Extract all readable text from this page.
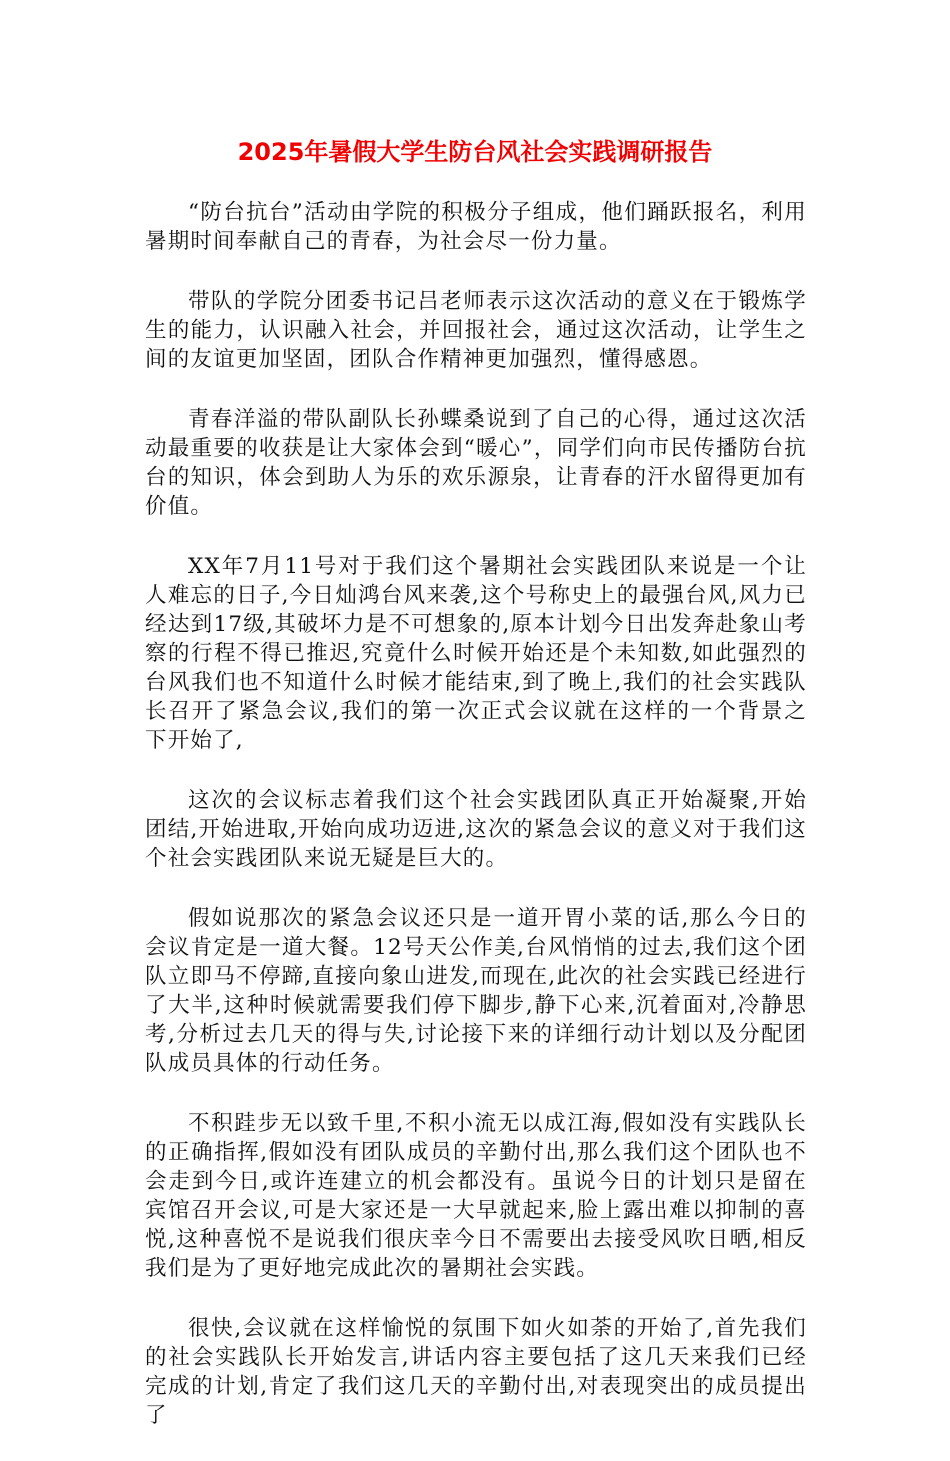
2025年暑假大学生防台风社会实践调研报告

“防台抗台”活动由学院的积极分子组成，他们踊跃报名，利用暑期时间奉献自己的青春，为社会尽一份力量。

带队的学院分团委书记吕老师表示这次活动的意义在于锻炼学生的能力，认识融入社会，并回报社会，通过这次活动，让学生之间的友谊更加坚固，团队合作精神更加强烈，懂得感恩。

青春洋溢的带队副队长孙蝶桑说到了自己的心得，通过这次活动最重要的收获是让大家体会到“暖心”，同学们向市民传播防台抗台的知识，体会到助人为乐的欢乐源泉，让青春的汗水留得更加有价值。

XX年7月11号对于我们这个暑期社会实践团队来说是一个让人难忘的日子,今日灿鸿台风来袭,这个号称史上的最强台风,风力已经达到17级,其破坏力是不可想象的,原本计划今日出发奔赴象山考察的行程不得已推迟,究竟什么时候开始还是个未知数,如此强烈的台风我们也不知道什么时候才能结束,到了晚上,我们的社会实践队长召开了紧急会议,我们的第一次正式会议就在这样的一个背景之下开始了,

这次的会议标志着我们这个社会实践团队真正开始凝聚,开始团结,开始进取,开始向成功迈进,这次的紧急会议的意义对于我们这个社会实践团队来说无疑是巨大的。

假如说那次的紧急会议还只是一道开胃小菜的话,那么今日的会议肯定是一道大餐。12号天公作美,台风悄悄的过去,我们这个团队立即马不停蹄,直接向象山进发,而现在,此次的社会实践已经进行了大半,这种时候就需要我们停下脚步,静下心来,沉着面对,冷静思考,分析过去几天的得与失,讨论接下来的详细行动计划以及分配团队成员具体的行动任务。

不积跬步无以致千里,不积小流无以成江海,假如没有实践队长的正确指挥,假如没有团队成员的辛勤付出,那么我们这个团队也不会走到今日,或许连建立的机会都没有。虽说今日的计划只是留在宾馆召开会议,可是大家还是一大早就起来,脸上露出难以抑制的喜悦,这种喜悦不是说我们很庆幸今日不需要出去接受风吹日晒,相反我们是为了更好地完成此次的暑期社会实践。

很快,会议就在这样愉悦的氛围下如火如荼的开始了,首先我们的社会实践队长开始发言,讲话内容主要包括了这几天来我们已经完成的计划,肯定了我们这几天的辛勤付出,对表现突出的成员提出了
